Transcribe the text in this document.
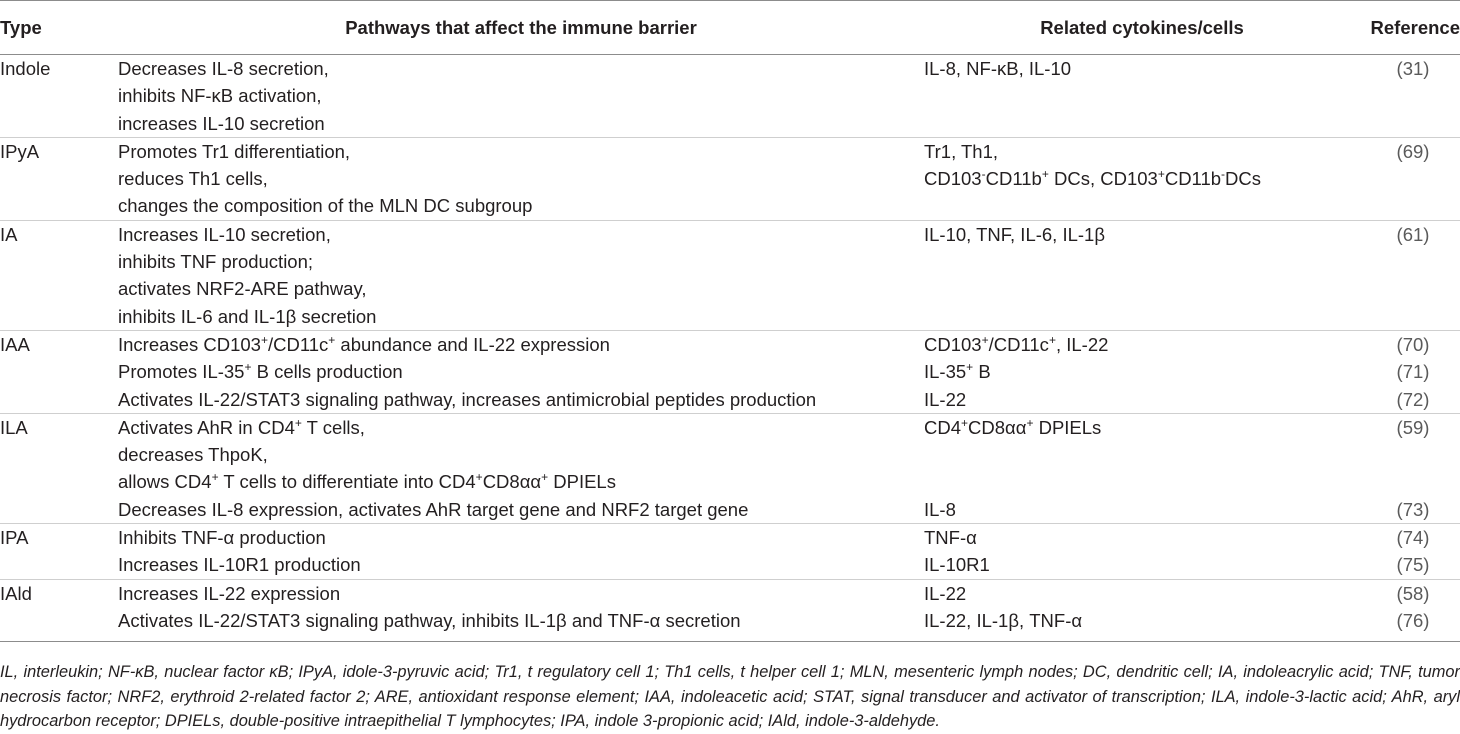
Type	Pathways that affect the immune barrier	Related cytokines/cells	Reference
Indole	Decreases IL-8 secretion,
inhibits NF-κB activation,
increases IL-10 secretion	IL-8, NF-κB, IL-10	(31)
IPyA	Promotes Tr1 differentiation,
reduces Th1 cells,
changes the composition of the MLN DC subgroup	Tr1, Th1,
CD103-CD11b+ DCs, CD103+CD11b-DCs	(69)
IA	Increases IL-10 secretion,
inhibits TNF production;
activates NRF2-ARE pathway,
inhibits IL-6 and IL-1β secretion	IL-10, TNF, IL-6, IL-1β	(61)
IAA	Increases CD103+/CD11c+ abundance and IL-22 expression	CD103+/CD11c+, IL-22	(70)

	Promotes IL-35+ B cells production	IL-35+ B	(71)

	Activates IL-22/STAT3 signaling pathway, increases antimicrobial peptides production	IL-22	(72)
ILA	Activates AhR in CD4+ T cells,
decreases ThpoK,
allows CD4+ T cells to differentiate into CD4+CD8αα+ DPIELs	CD4+CD8αα+ DPIELs	(59)

	Decreases IL-8 expression, activates AhR target gene and NRF2 target gene	IL-8	(73)
IPA	Inhibits TNF-α production	TNF-α	(74)

	Increases IL-10R1 production	IL-10R1	(75)
IAld	Increases IL-22 expression	IL-22	(58)

	Activates IL-22/STAT3 signaling pathway, inhibits IL-1β and TNF-α secretion	IL-22, IL-1β, TNF-α	(76)
IL, interleukin; NF-κB, nuclear factor κB; IPyA, idole-3-pyruvic acid; Tr1, t regulatory cell 1; Th1 cells, t helper cell 1; MLN, mesenteric lymph nodes; DC, dendritic cell; IA, indoleacrylic acid; TNF, tumor necrosis factor; NRF2, erythroid 2-related factor 2; ARE, antioxidant response element; IAA, indoleacetic acid; STAT, signal transducer and activator of transcription; ILA, indole-3-lactic acid; AhR, aryl hydrocarbon receptor; DPIELs, double-positive intraepithelial T lymphocytes; IPA, indole 3-propionic acid; IAld, indole-3-aldehyde.
